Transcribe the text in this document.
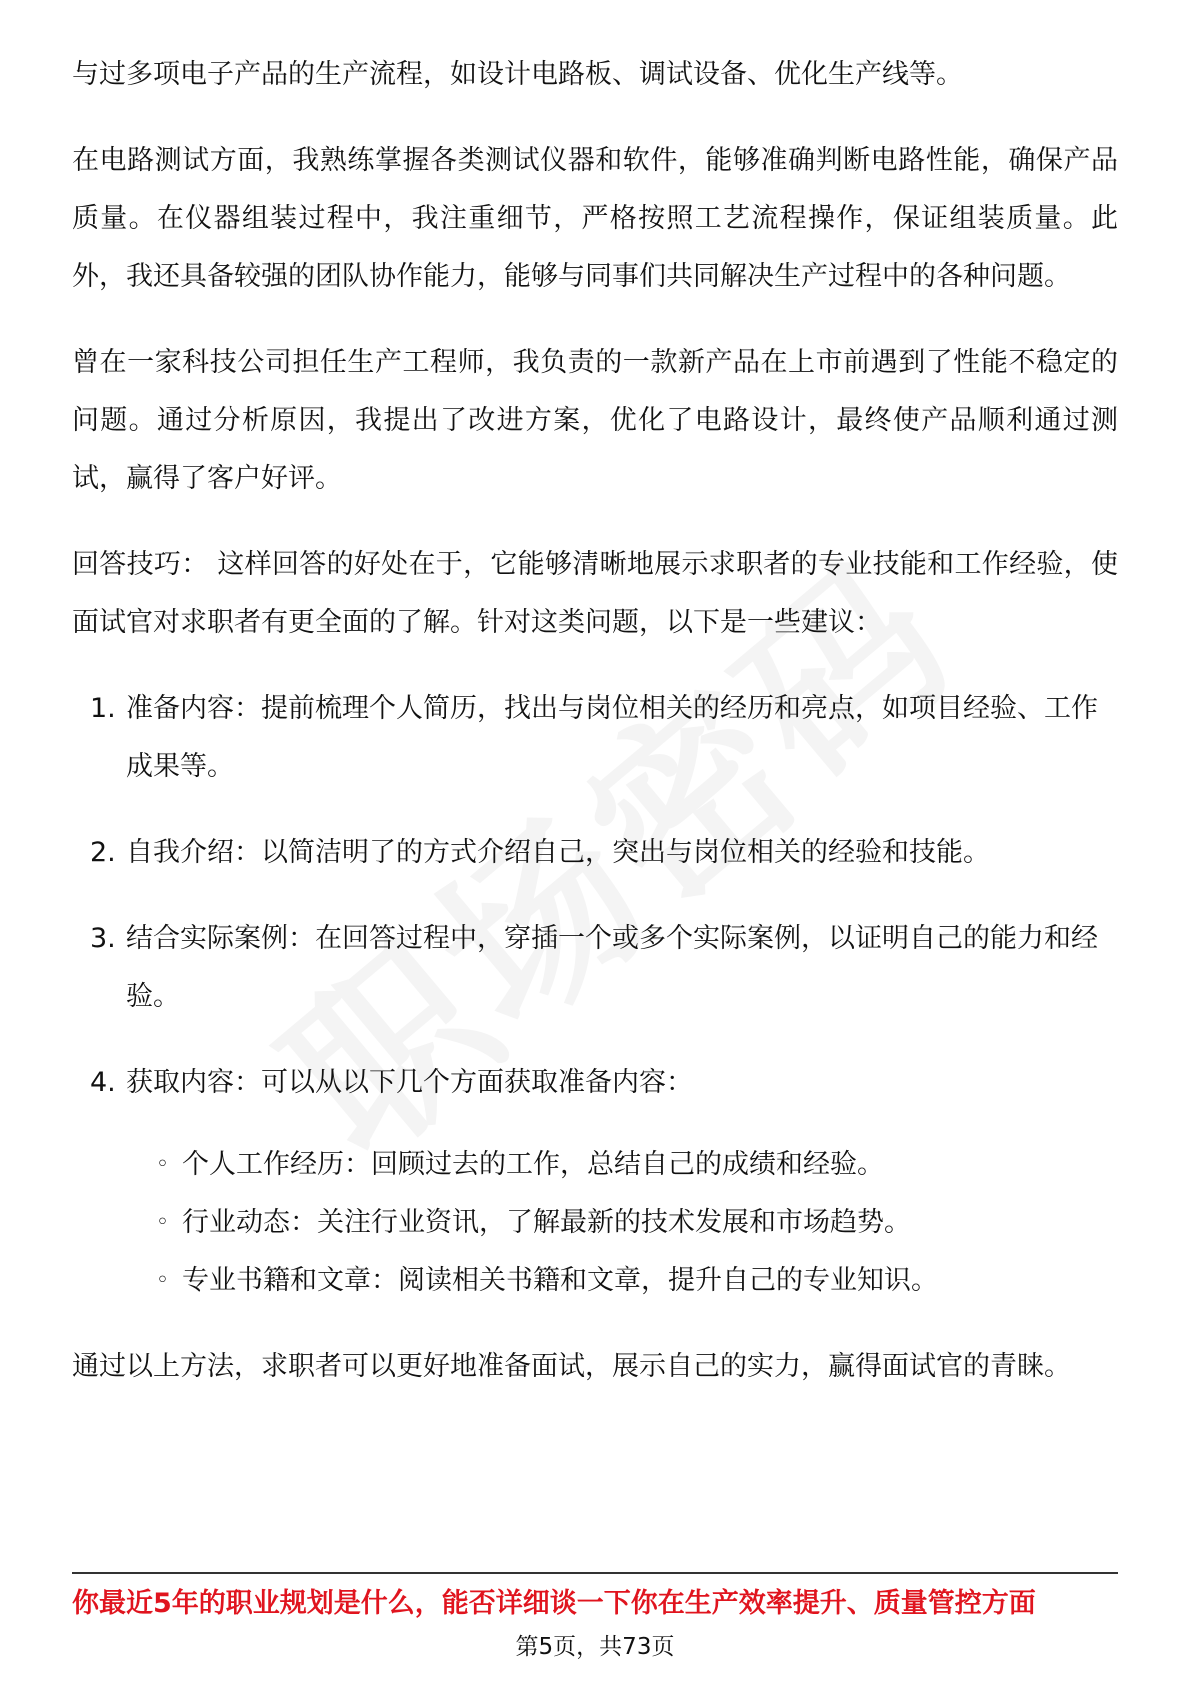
与过多项电子产品的生产流程，如设计电路板、调试设备、优化生产线等。

在电路测试方面，我熟练掌握各类测试仪器和软件，能够准确判断电路性能，确保产品质量。在仪器组装过程中，我注重细节，严格按照工艺流程操作，保证组装质量。此外，我还具备较强的团队协作能力，能够与同事们共同解决生产过程中的各种问题。

曾在一家科技公司担任生产工程师，我负责的一款新产品在上市前遇到了性能不稳定的问题。通过分析原因，我提出了改进方案，优化了电路设计，最终使产品顺利通过测试，赢得了客户好评。

回答技巧： 这样回答的好处在于，它能够清晰地展示求职者的专业技能和工作经验，使面试官对求职者有更全面的了解。针对这类问题，以下是一些建议：

1. 准备内容：提前梳理个人简历，找出与岗位相关的经历和亮点，如项目经验、工作成果等。
2. 自我介绍：以简洁明了的方式介绍自己，突出与岗位相关的经验和技能。
3. 结合实际案例：在回答过程中，穿插一个或多个实际案例，以证明自己的能力和经验。
4. 获取内容：可以从以下几个方面获取准备内容：
◦ 个人工作经历：回顾过去的工作，总结自己的成绩和经验。
◦ 行业动态：关注行业资讯，了解最新的技术发展和市场趋势。
◦ 专业书籍和文章：阅读相关书籍和文章，提升自己的专业知识。

通过以上方法，求职者可以更好地准备面试，展示自己的实力，赢得面试官的青睐。

你最近5年的职业规划是什么，能否详细谈一下你在生产效率提升、质量管控方面
第5页，共73页
